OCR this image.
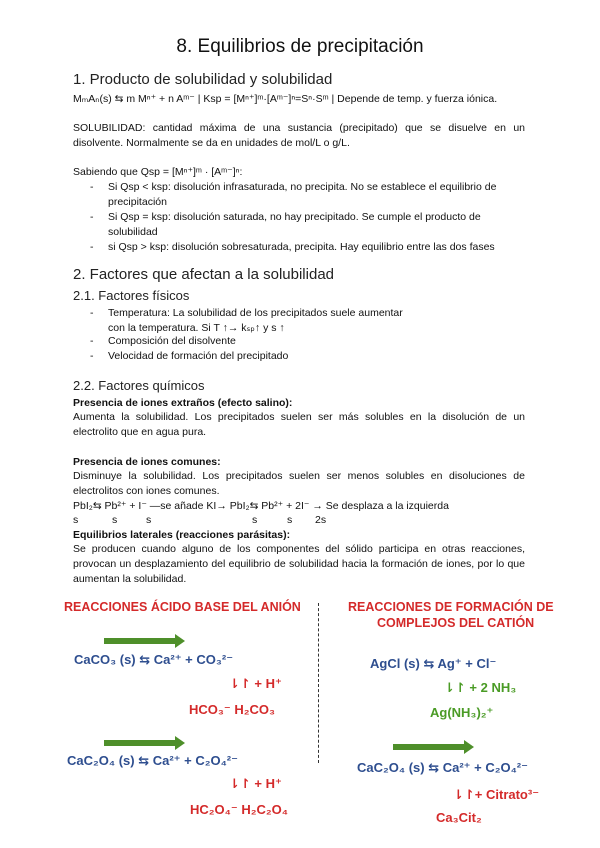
8. Equilibrios de precipitación
1. Producto de solubilidad y solubilidad
MₘAₙ(s) ⇆ m Mⁿ⁺ + n Aᵐ⁻ | Ksp = [Mⁿ⁺]ᵐ·[Aᵐ⁻]ⁿ=Sⁿ·Sᵐ | Depende de temp. y fuerza iónica.
SOLUBILIDAD: cantidad máxima de una sustancia (precipitado) que se disuelve en un disolvente. Normalmente se da en unidades de mol/L o g/L.
Sabiendo que Qsp = [Mⁿ⁺]ᵐ · [Aᵐ⁻]ⁿ:
- Si Qsp < ksp: disolución infrasaturada, no precipita. No se establece el equilibrio de precipitación
- Si Qsp = ksp: disolución saturada, no hay precipitado. Se cumple el producto de solubilidad
- si Qsp > ksp: disolución sobresaturada, precipita. Hay equilibrio entre las dos fases
2. Factores que afectan a la solubilidad
2.1. Factores físicos
- Temperatura: La solubilidad de los precipitados suele aumentar con la temperatura. Si T ↑→ kₛₚ↑ y s ↑
- Composición del disolvente
- Velocidad de formación del precipitado
2.2. Factores químicos
Presencia de iones extraños (efecto salino):
Aumenta la solubilidad. Los precipitados suelen ser más solubles en la disolución de un electrolito que en agua pura.
Presencia de iones comunes:
Disminuye la solubilidad. Los precipitados suelen ser menos solubles en disoluciones de electrolitos con iones comunes.
PbI₂⇆ Pb²⁺ + I⁻ ―se añade KI→ PbI₂⇆ Pb²⁺ + 2I⁻ → Se desplaza a la izquierda
s	s	s	s	s 2s
Equilibrios laterales (reacciones parásitas):
Se producen cuando alguno de los componentes del sólido participa en otras reacciones, provocan un desplazamiento del equilibrio de solubilidad hacia la formación de iones, por lo que aumentan la solubilidad.
REACCIONES ÁCIDO BASE DEL ANIÓN	REACCIONES DE FORMACIÓN DE
COMPLEJOS DEL CATIÓN
CaCO₃ (s) ⇆ Ca²⁺ + CO₃²⁻
⇂↾ + H⁺
HCO₃⁻ H₂CO₃
AgCl (s) ⇆ Ag⁺ + Cl⁻
⇂↾ + 2 NH₃
Ag(NH₃)₂⁺
CaC₂O₄ (s) ⇆ Ca²⁺ + C₂O₄²⁻
⇂↾ + H⁺
HC₂O₄⁻ H₂C₂O₄
CaC₂O₄ (s) ⇆ Ca²⁺ + C₂O₄²⁻
⇂↾+ Citrato³⁻
Ca₃Cit₂
